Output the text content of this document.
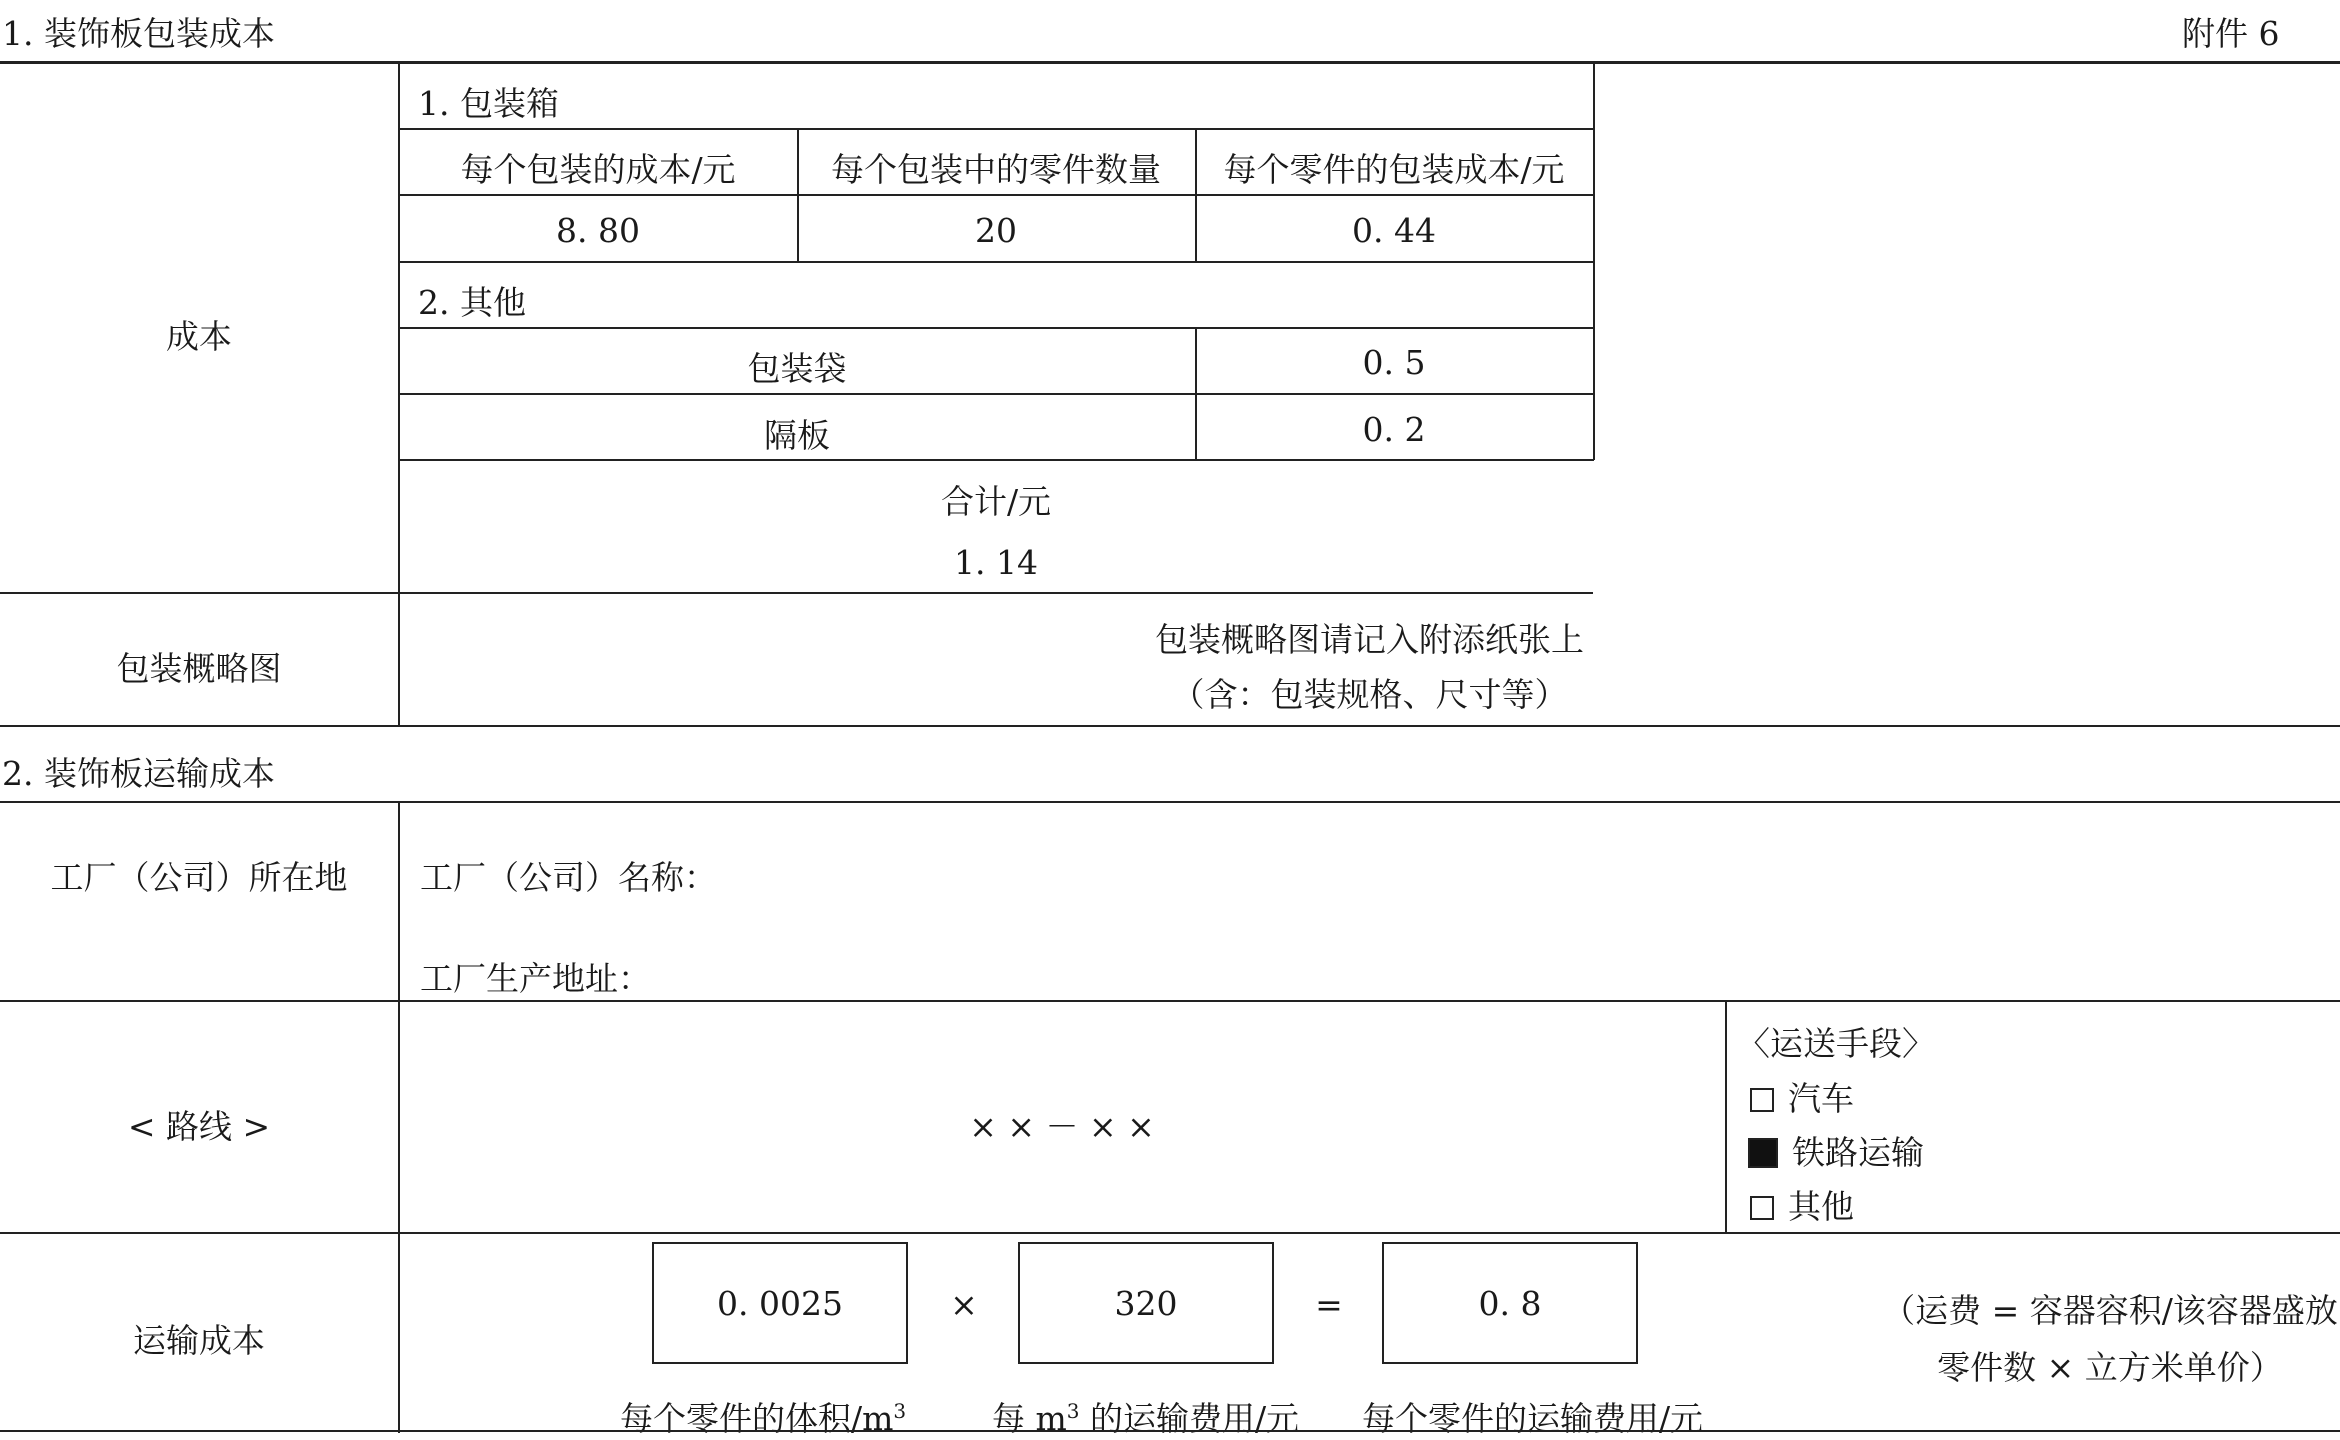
1. 装饰板包装成本	附件 6
成本
1. 包装箱
每个包装的成本/元	每个包装中的零件数量	每个零件的包装成本/元
8. 80	20	0. 44
2. 其他
包装袋	0. 5
隔板	0. 2
合计/元
1. 14
包装概略图
包装概略图请记入附添纸张上
（含：包装规格、尺寸等）
2. 装饰板运输成本
工厂（公司）所在地	工厂（公司）名称：
工厂生产地址：
< 路线 >	× × － × ×
〈运送手段〉
汽车
铁路运输
其他
运输成本
0. 0025	×	320	=	0. 8
每个零件的体积$/m^3$	每 $m^3$ 的运输费用/元 每个零件的运输费用/元
（运费 = 容器容积/该容器盛放
零件数 × 立方米单价）
